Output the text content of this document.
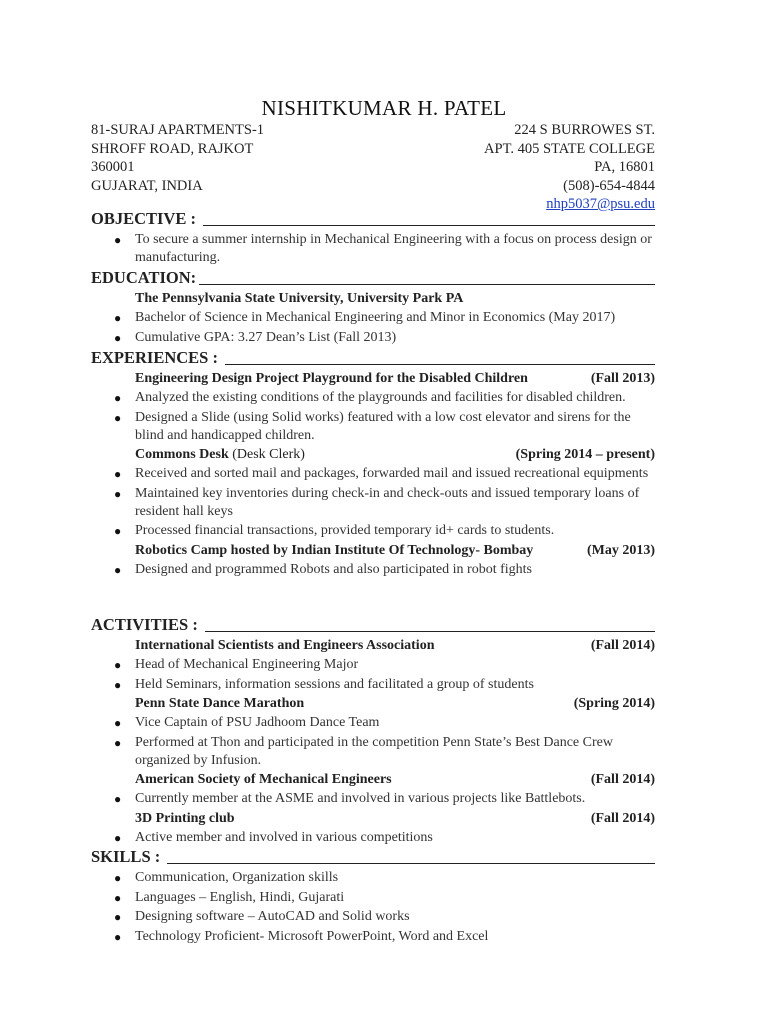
NISHITKUMAR H. PATEL
81-SURAJ APARTMENTS-1
SHROFF ROAD, RAJKOT
360001
GUJARAT, INDIA
224 S BURROWES ST.
APT. 405 STATE COLLEGE
PA, 16801
(508)-654-4844
nhp5037@psu.edu
OBJECTIVE :
● To secure a summer internship in Mechanical Engineering with a focus on process design or manufacturing.
EDUCATION:
The Pennsylvania State University, University Park PA
● Bachelor of Science in Mechanical Engineering and Minor in Economics (May 2017)
● Cumulative GPA: 3.27 Dean’s List (Fall 2013)
EXPERIENCES :
Engineering Design Project Playground for the Disabled Children	(Fall 2013)
● Analyzed the existing conditions of the playgrounds and facilities for disabled children.
● Designed a Slide (using Solid works) featured with a low cost elevator and sirens for the blind and handicapped children.
Commons Desk (Desk Clerk)	(Spring 2014 – present)
● Received and sorted mail and packages, forwarded mail and issued recreational equipments
● Maintained key inventories during check-in and check-outs and issued temporary loans of resident hall keys
● Processed financial transactions, provided temporary id+ cards to students.
Robotics Camp hosted by Indian Institute Of Technology- Bombay	(May 2013)
● Designed and programmed Robots and also participated in robot fights
ACTIVITIES :
International Scientists and Engineers Association	(Fall 2014)
● Head of Mechanical Engineering Major
● Held Seminars, information sessions and facilitated a group of students
Penn State Dance Marathon	(Spring 2014)
● Vice Captain of PSU Jadhoom Dance Team
● Performed at Thon and participated in the competition Penn State’s Best Dance Crew organized by Infusion.
American Society of Mechanical Engineers	(Fall 2014)
● Currently member at the ASME and involved in various projects like Battlebots.
3D Printing club	(Fall 2014)
● Active member and involved in various competitions
SKILLS :
● Communication, Organization skills
● Languages – English, Hindi, Gujarati
● Designing software – AutoCAD and Solid works
● Technology Proficient- Microsoft PowerPoint, Word and Excel
